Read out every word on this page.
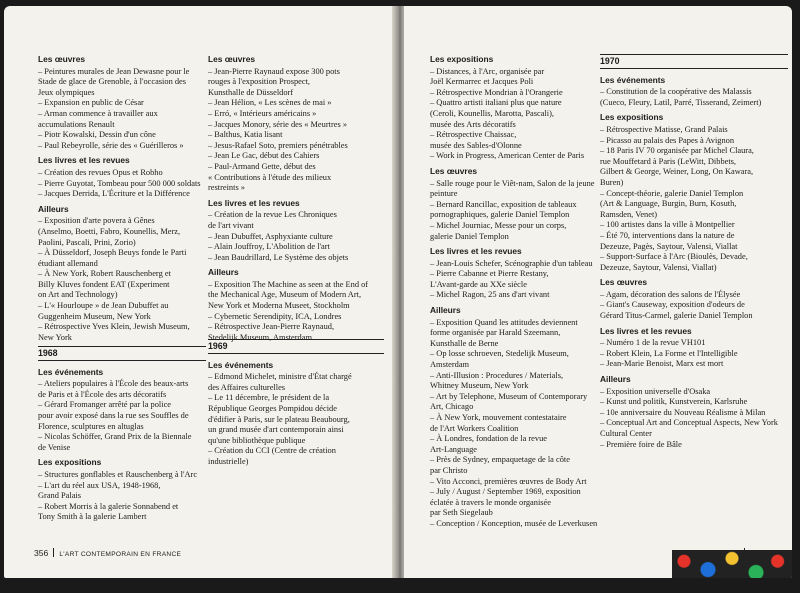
Les œuvres
– Peintures murales de Jean Dewasne pour le
Stade de glace de Grenoble, à l'occasion des
Jeux olympiques
– Expansion en public de César
– Arman commence à travailler aux
accumulations Renault
– Piotr Kowalski, Dessin d'un cône
– Paul Rebeyrolle, série des « Guérilleros »
Les livres et les revues
– Création des revues Opus et Robho
– Pierre Guyotat, Tombeau pour 500 000 soldats
– Jacques Derrida, L'Écriture et la Différence
Ailleurs
– Exposition d'arte povera à Gênes
(Anselmo, Boetti, Fabro, Kounellis, Merz,
Paolini, Pascali, Prini, Zorio)
– À Düsseldorf, Joseph Beuys fonde le Parti
étudiant allemand
– À New York, Robert Rauschenberg et
Billy Kluves fondent EAT (Experiment
on Art and Technology)
– L'« Hourloupe » de Jean Dubuffet au
Guggenheim Museum, New York
– Rétrospective Yves Klein, Jewish Museum,
New York
1968
Les événements
– Ateliers populaires à l'École des beaux-arts
de Paris et à l'École des arts décoratifs
– Gérard Fromanger arrêté par la police
pour avoir exposé dans la rue ses Souffles de
Florence, sculptures en altuglas
– Nicolas Schöffer, Grand Prix de la Biennale
de Venise
Les expositions
– Structures gonflables et Rauschenberg à l'Arc
– L'art du réel aux USA, 1948-1968,
Grand Palais
– Robert Morris à la galerie Sonnabend et
Tony Smith à la galerie Lambert
Les œuvres
– Jean-Pierre Raynaud expose 300 pots
rouges à l'exposition Prospect,
Kunsthalle de Düsseldorf
– Jean Hélion, « Les scènes de mai »
– Erró, « Intérieurs américains »
– Jacques Monory, série des « Meurtres »
– Balthus, Katia lisant
– Jesus-Rafael Soto, premiers pénétrables
– Jean Le Gac, début des Cahiers
– Paul-Armand Gette, début des
« Contributions à l'étude des milieux
restreints »
Les livres et les revues
– Création de la revue Les Chroniques
de l'art vivant
– Jean Dubuffet, Asphyxiante culture
– Alain Jouffroy, L'Abolition de l'art
– Jean Baudrillard, Le Système des objets
Ailleurs
– Exposition The Machine as seen at the End of
the Mechanical Age, Museum of Modern Art,
New York et Moderna Museet, Stockholm
– Cybernetic Serendipity, ICA, Londres
– Rétrospective Jean-Pierre Raynaud,
Stedelijk Museum, Amsterdam
1969
Les événements
– Edmond Michelet, ministre d'État chargé
des Affaires culturelles
– Le 11 décembre, le président de la
République Georges Pompidou décide
d'édifier à Paris, sur le plateau Beaubourg,
un grand musée d'art contemporain ainsi
qu'une bibliothèque publique
– Création du CCI (Centre de création
industrielle)
356 L'ART CONTEMPORAIN EN FRANCE
Les expositions
– Distances, à l'Arc, organisée par
Joël Kermarrec et Jacques Poli
– Rétrospective Mondrian à l'Orangerie
– Quattro artisti italiani plus que nature
(Ceroli, Kounellis, Marotta, Pascali),
musée des Arts décoratifs
– Rétrospective Chaissac,
musée des Sables-d'Olonne
– Work in Progress, American Center de Paris
Les œuvres
– Salle rouge pour le Viêt-nam, Salon de la jeune
peinture
– Bernard Rancillac, exposition de tableaux
pornographiques, galerie Daniel Templon
– Michel Journiac, Messe pour un corps,
galerie Daniel Templon
Les livres et les revues
– Jean-Louis Schefer, Scénographie d'un tableau
– Pierre Cabanne et Pierre Restany,
L'Avant-garde au XXe siècle
– Michel Ragon, 25 ans d'art vivant
Ailleurs
– Exposition Quand les attitudes deviennent
forme organisée par Harald Szeemann,
Kunsthalle de Berne
– Op losse schroeven, Stedelijk Museum,
Amsterdam
– Anti-Illusion : Procedures / Materials,
Whitney Museum, New York
– Art by Telephone, Museum of Contemporary
Art, Chicago
– À New York, mouvement contestataire
de l'Art Workers Coalition
– À Londres, fondation de la revue
Art-Language
– Près de Sydney, empaquetage de la côte
par Christo
– Vito Acconci, premières œuvres de Body Art
– July / August / September 1969, exposition
éclatée à travers le monde organisée
par Seth Siegelaub
– Conception / Konception, musée de Leverkusen
1970
Les événements
– Constitution de la coopérative des Malassis
(Cueco, Fleury, Latil, Parré, Tisserand, Zeimert)
Les expositions
– Rétrospective Matisse, Grand Palais
– Picasso au palais des Papes à Avignon
– 18 Paris IV 70 organisée par Michel Claura,
rue Mouffetard à Paris (LeWitt, Dibbets,
Gilbert & George, Weiner, Long, On Kawara,
Buren)
– Concept-théorie, galerie Daniel Templon
(Art & Language, Burgin, Burn, Kosuth,
Ramsden, Venet)
– 100 artistes dans la ville à Montpellier
– Été 70, interventions dans la nature de
Dezeuze, Pagès, Saytour, Valensi, Viallat
– Support-Surface à l'Arc (Bioulès, Devade,
Dezeuze, Saytour, Valensi, Viallat)
Les œuvres
– Agam, décoration des salons de l'Élysée
– Giant's Causeway, exposition d'odeurs de
Gérard Titus-Carmel, galerie Daniel Templon
Les livres et les revues
– Numéro 1 de la revue VH101
– Robert Klein, La Forme et l'Intelligible
– Jean-Marie Benoist, Marx est mort
Ailleurs
– Exposition universelle d'Osaka
– Kunst und politik, Kunstverein, Karlsruhe
– 10e anniversaire du Nouveau Réalisme à Milan
– Conceptual Art and Conceptual Aspects, New York
Cultural Center
– Première foire de Bâle
